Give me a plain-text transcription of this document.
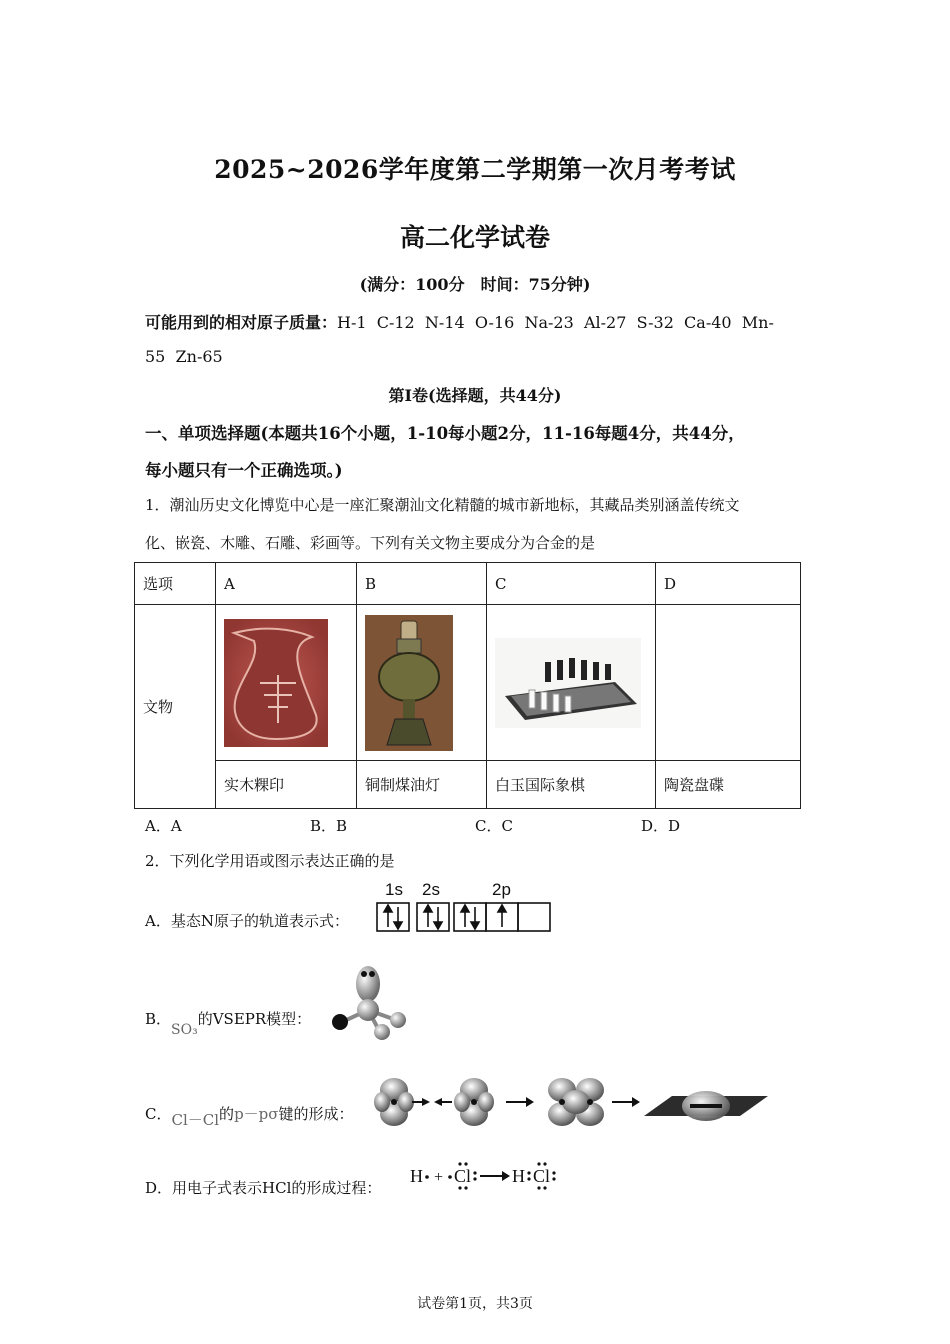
2025~2026学年度第二学期第一次月考考试
高二化学试卷
(满分：100分　时间：75分钟)
可能用到的相对原子质量：H-1  C-12  N-14  O-16  Na-23  Al-27  S-32  Ca-40  Mn-
55  Zn-65
第Ⅰ卷(选择题，共44分)
一、单项选择题(本题共16个小题，1-10每小题2分，11-16每题4分，共44分，
每小题只有一个正确选项。)
1．潮汕历史文化博览中心是一座汇聚潮汕文化精髓的城市新地标，其藏品类别涵盖传统文
化、嵌瓷、木雕、石雕、彩画等。下列有关文物主要成分为合金的是
选项	A	B	C	D
文物	

	实木粿印	铜制煤油灯	白玉国际象棋	陶瓷盘碟
A．A	B．B	C．C	D．D
2．下列化学用语或图示表达正确的是
A．基态N原子的轨道表示式：
1s 2s	2p
B．SO₃的VSEPR模型：
C．Cl－Cl的p－pσ键的形成：
D．用电子式表示HCl的形成过程：
H + Cl H Cl
试卷第1页，共3页
